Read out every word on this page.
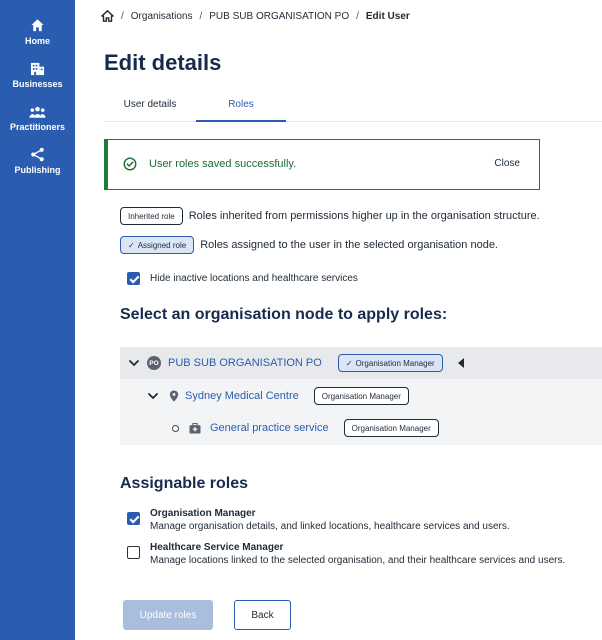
Home
Businesses
Practitioners
Publishing
/ Organisations / PUB SUB ORGANISATION PO / Edit User
Edit details
User details	Roles
User roles saved successfully.	Close
Inherited role	Roles inherited from permissions higher up in the organisation structure.
✓ Assigned role Roles assigned to the user in the selected organisation node.
Hide inactive locations and healthcare services
Select an organisation node to apply roles:
PO PUB SUB ORGANISATION PO	✓ Organisation Manager
Sydney Medical Centre	Organisation Manager
General practice service	Organisation Manager
Assignable roles
Organisation Manager
Manage organisation details, and linked locations, healthcare services and users.
Healthcare Service Manager
Manage locations linked to the selected organisation, and their healthcare services and users.
Update roles	Back
